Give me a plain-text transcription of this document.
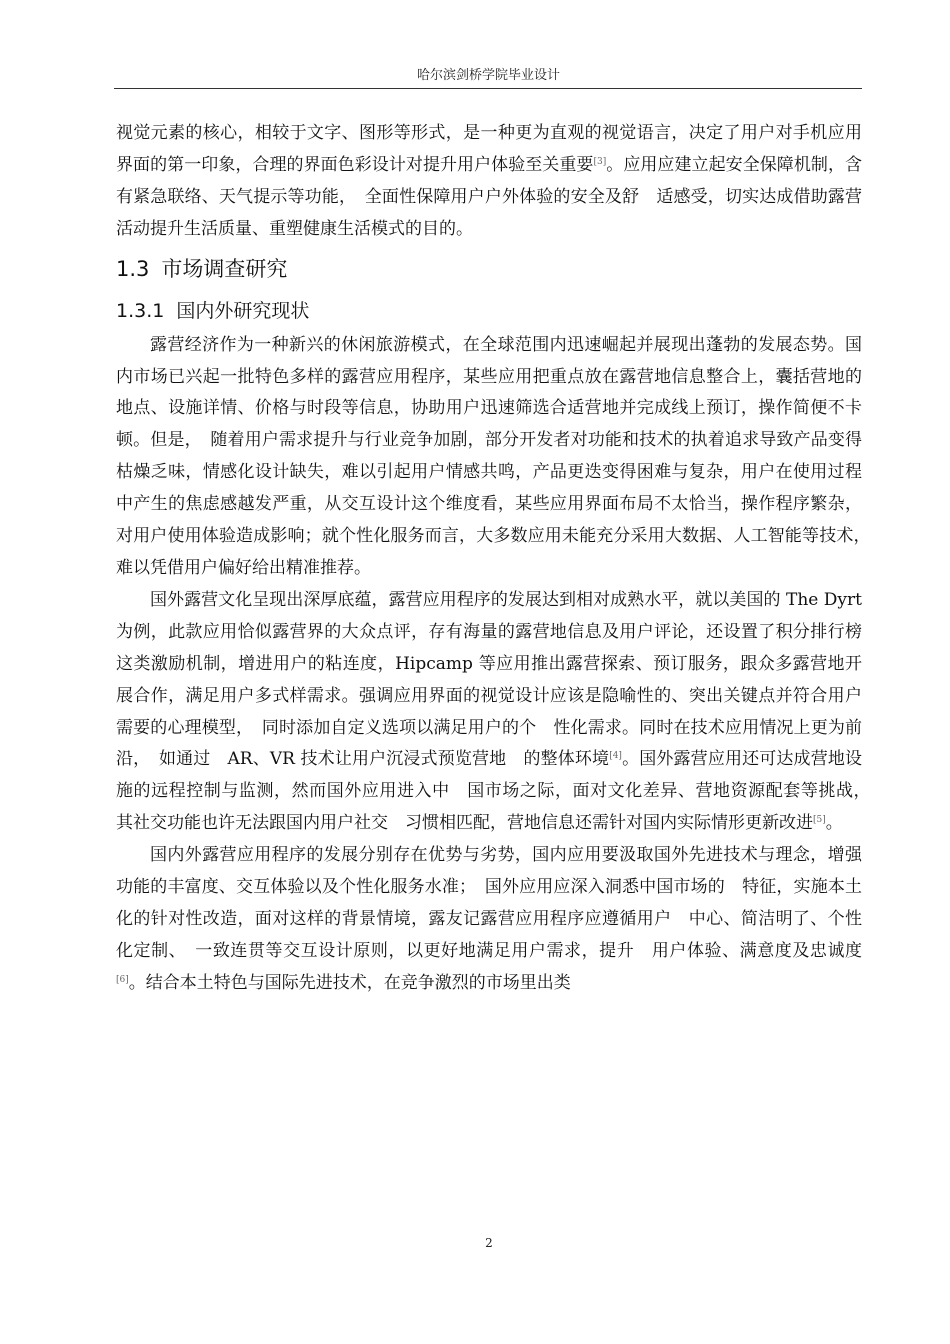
哈尔滨剑桥学院毕业设计

视觉元素的核心，相较于文字、图形等形式，是一种更为直观的视觉语言，决定了用户对手机应用界面的第一印象，合理的界面色彩设计对提升用户体验至关重要[3]。应用应建立起安全保障机制，含有紧急联络、天气提示等功能，　全面性保障用户户外体验的安全及舒　适感受，切实达成借助露营活动提升生活质量、重塑健康生活模式的目的。

1.3 市场调查研究
1.3.1 国内外研究现状

露营经济作为一种新兴的休闲旅游模式，在全球范围内迅速崛起并展现出蓬勃的发展态势。国内市场已兴起一批特色多样的露营应用程序，某些应用把重点放在露营地信息整合上，囊括营地的地点、设施详情、价格与时段等信息，协助用户迅速筛选合适营地并完成线上预订，操作简便不卡顿。但是，　随着用户需求提升与行业竞争加剧，部分开发者对功能和技术的执着追求导致产品变得枯燥乏味，情感化设计缺失，难以引起用户情感共鸣，产品更迭变得困难与复杂，用户在使用过程中产生的焦虑感越发严重，从交互设计这个维度看，某些应用界面布局不太恰当，操作程序繁杂，对用户使用体验造成影响；就个性化服务而言，大多数应用未能充分采用大数据、人工智能等技术，　难以凭借用户偏好给出精准推荐。

国外露营文化呈现出深厚底蕴，露营应用程序的发展达到相对成熟水平，就以美国的 The Dyrt 为例，此款应用恰似露营界的大众点评，存有海量的露营地信息及用户评论，还设置了积分排行榜这类激励机制，增进用户的粘连度，Hipcamp 等应用推出露营探索、预订服务，跟众多露营地开展合作，满足用户多式样需求。强调应用界面的视觉设计应该是隐喻性的、突出关键点并符合用户需要的心理模型，　同时添加自定义选项以满足用户的个　性化需求。同时在技术应用情况上更为前沿，　如通过　AR、VR 技术让用户沉浸式预览营地　的整体环境[4]。国外露营应用还可达成营地设施的远程控制与监测，然而国外应用进入中　国市场之际，面对文化差异、营地资源配套等挑战，　其社交功能也许无法跟国内用户社交　习惯相匹配，营地信息还需针对国内实际情形更新改进[5]。

国内外露营应用程序的发展分别存在优势与劣势，国内应用要汲取国外先进技术与理念，增强功能的丰富度、交互体验以及个性化服务水准；　国外应用应深入洞悉中国市场的　特征，实施本土化的针对性改造，面对这样的背景情境，露友记露营应用程序应遵循用户　中心、简洁明了、个性化定制、　一致连贯等交互设计原则，以更好地满足用户需求，提升　用户体验、满意度及忠诚度[6]。结合本土特色与国际先进技术，在竞争激烈的市场里出类

2
